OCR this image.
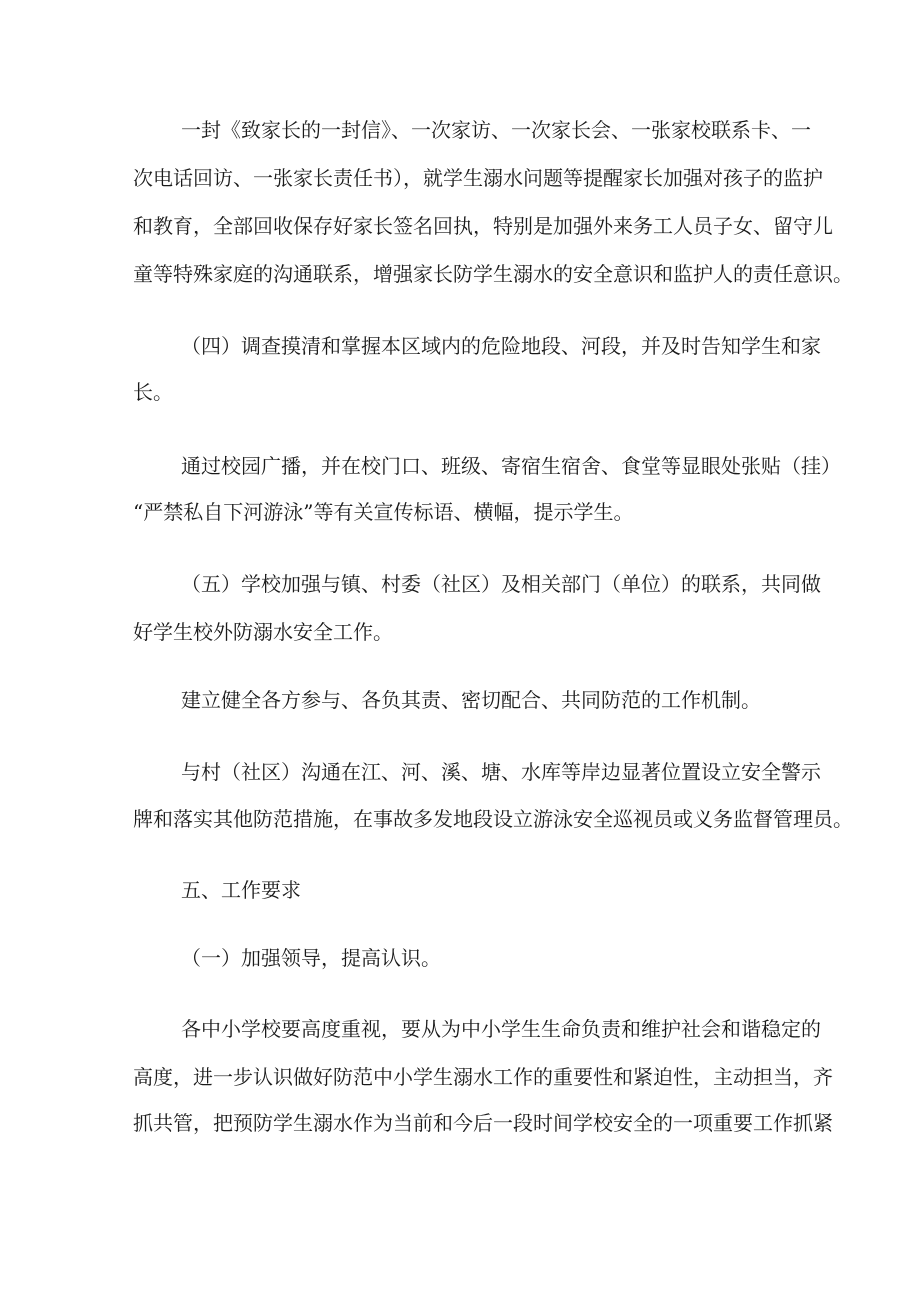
一封《致家长的一封信》、一次家访、一次家长会、一张家校联系卡、一
次电话回访、一张家长责任书），就学生溺水问题等提醒家长加强对孩子的监护
和教育，全部回收保存好家长签名回执，特别是加强外来务工人员子女、留守儿
童等特殊家庭的沟通联系，增强家长防学生溺水的安全意识和监护人的责任意识。
（四）调查摸清和掌握本区域内的危险地段、河段，并及时告知学生和家
长。
通过校园广播，并在校门口、班级、寄宿生宿舍、食堂等显眼处张贴（挂）
“严禁私自下河游泳”等有关宣传标语、横幅，提示学生。
（五）学校加强与镇、村委（社区）及相关部门（单位）的联系，共同做
好学生校外防溺水安全工作。
建立健全各方参与、各负其责、密切配合、共同防范的工作机制。
与村（社区）沟通在江、河、溪、塘、水库等岸边显著位置设立安全警示
牌和落实其他防范措施，在事故多发地段设立游泳安全巡视员或义务监督管理员。
五、工作要求
（一）加强领导，提高认识。
各中小学校要高度重视，要从为中小学生生命负责和维护社会和谐稳定的
高度，进一步认识做好防范中小学生溺水工作的重要性和紧迫性，主动担当，齐
抓共管，把预防学生溺水作为当前和今后一段时间学校安全的一项重要工作抓紧
